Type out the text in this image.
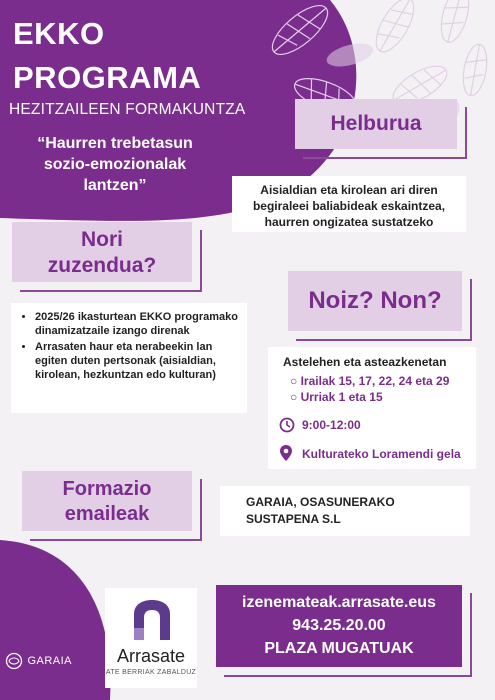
EKKO
PROGRAMA
HEZITZAILEEN FORMAKUNTZA
“Haurren trebetasun
sozio-emozionalak
lantzen”
Helburua
Aisialdian eta kirolean ari diren
begiraleei baliabideak eskaintzea,
haurren ongizatea sustatzeko
Nori
zuzendua?
• 2025/26 ikasturtean EKKO programako dinamizatzaile izango direnak
• Arrasaten haur eta nerabeekin lan egiten duten pertsonak (aisialdian, kirolean, hezkuntzan edo kulturan)
Noiz? Non?
Astelehen eta asteazkenetan
○ Irailak 15, 17, 22, 24 eta 29
○ Urriak 1 eta 15
9:00-12:00
Kulturateko Loramendi gela
Formazio
emaileak
GARAIA, OSASUNERAKO
SUSTAPENA S.L
GARAIA	Arrasate
ATE BERRIAK ZABALDUZ
izenemateak.arrasate.eus
943.25.20.00
PLAZA MUGATUAK
